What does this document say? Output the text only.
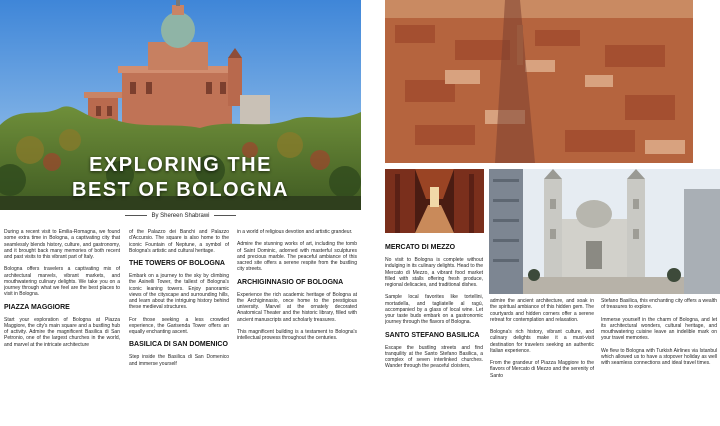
EXPLORING THE
BEST OF BOLOGNA
By Shereen Shabrawi

During a recent visit to Emilia-Romagna, we found some extra time in Bologna, a captivating city that seamlessly blends history, culture, and gastronomy, and it brought back many memories of both recent and past visits to this vibrant part of Italy.

Bologna offers travelers a captivating mix of architectural marvels, vibrant markets, and mouthwatering culinary delights. We take you on a journey through what we feel are the best places to visit in Bologna.

PIAZZA MAGGIORE

Start your exploration of Bologna at Piazza Maggiore, the city's main square and a bustling hub of activity. Admire the magnificent Basilica di San Petronio, one of the largest churches in the world, and marvel at the intricate architecture

of the Palazzo dei Banchi and Palazzo d'Accursio. The square is also home to the iconic Fountain of Neptune, a symbol of Bologna's artistic and cultural heritage.

THE TOWERS OF BOLOGNA

Embark on a journey to the sky by climbing the Asinelli Tower, the tallest of Bologna's iconic leaning towers. Enjoy panoramic views of the cityscape and surrounding hills, and learn about the intriguing history behind these medieval structures.

For those seeking a less crowded experience, the Garisenda Tower offers an equally enchanting ascent.

BASILICA DI SAN DOMENICO

Step inside the Basilica di San Domenico and immerse yourself

in a world of religious devotion and artistic grandeur.

Admire the stunning works of art, including the tomb of Saint Dominic, adorned with masterful sculptures and precious marble. The peaceful ambiance of this sacred site offers a serene respite from the bustling city streets.

ARCHIGINNASIO OF BOLOGNA

Experience the rich academic heritage of Bologna at the Archiginnasio, once home to the prestigious university. Marvel at the ornately decorated Anatomical Theater and the historic library, filled with ancient manuscripts and scholarly treasures.

This magnificent building is a testament to Bologna's intellectual prowess throughout the centuries.

MERCATO DI MEZZO

No visit to Bologna is complete without indulging in its culinary delights. Head to the Mercato di Mezzo, a vibrant food market filled with stalls offering fresh produce, regional delicacies, and traditional dishes.

Sample local favorites like tortellini, mortadella, and tagliatelle al ragù, accompanied by a glass of local wine. Let your taste buds embark on a gastronomic journey through the flavors of Bologna.

SANTO STEFANO BASILICA

Escape the bustling streets and find tranquility at the Santo Stefano Basilica, a complex of seven interlinked churches. Wander through the peaceful cloisters,

admire the ancient architecture, and soak in the spiritual ambiance of this hidden gem. The courtyards and hidden corners offer a serene retreat for contemplation and relaxation.

Bologna's rich history, vibrant culture, and culinary delights make it a must-visit destination for travelers seeking an authentic Italian experience.

From the grandeur of Piazza Maggiore to the flavors of Mercato di Mezzo and the serenity of Santo

Stefano Basilica, this enchanting city offers a wealth of treasures to explore.

Immerse yourself in the charm of Bologna, and let its architectural wonders, cultural heritage, and mouthwatering cuisine leave an indelible mark on your travel memories.

We flew to Bologna with Turkish Airlines via Istanbul which allowed us to have a stopover holiday as well with seamless connections and ideal travel times.
